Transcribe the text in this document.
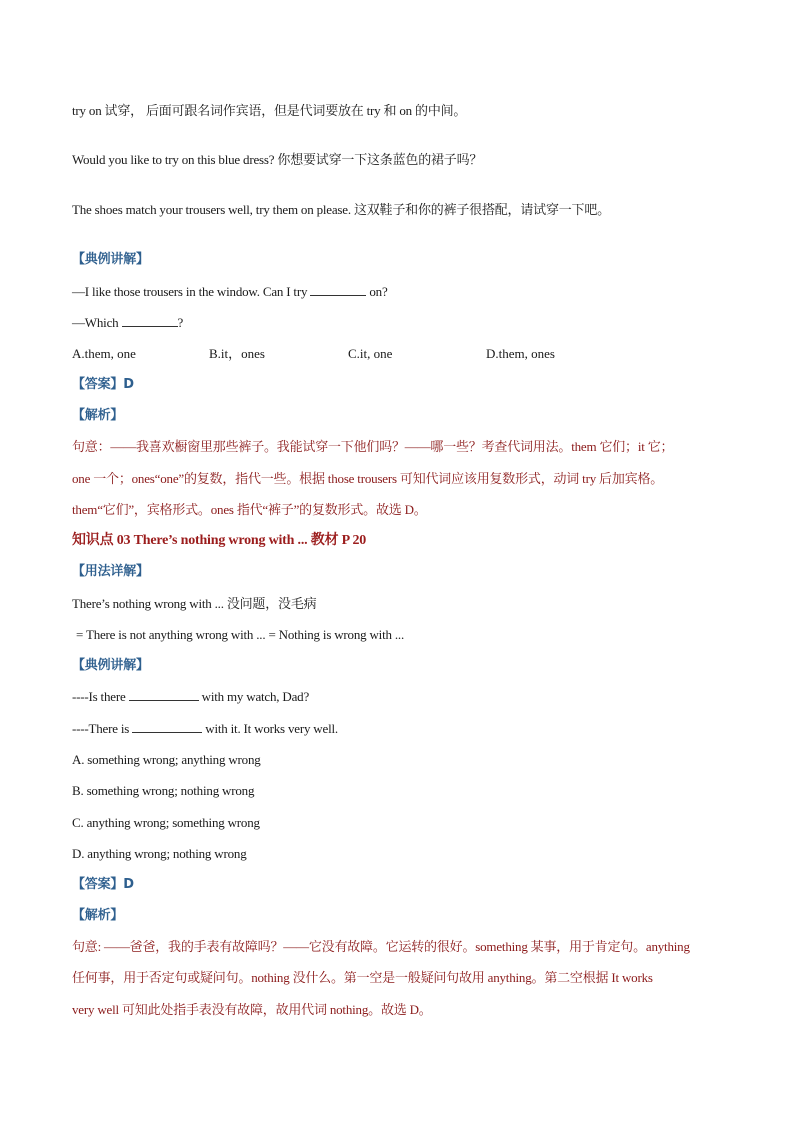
try on 试穿， 后面可跟名词作宾语，但是代词要放在 try 和 on 的中间。
Would you like to try on this blue dress? 你想要试穿一下这条蓝色的裙子吗？
The shoes match your trousers well, try them on please. 这双鞋子和你的裤子很搭配，请试穿一下吧。
【典例讲解】
—I like those trousers in the window. Can I try	on?
—Which	?
A.them, one	B.it，ones	C.it, one	D.them, ones
【答案】D
【解析】
句意：——我喜欢橱窗里那些裤子。我能试穿一下他们吗？——哪一些？考查代词用法。them 它们；it 它；
one 一个；ones“one”的复数，指代一些。根据 those trousers 可知代词应该用复数形式，动词 try 后加宾格。
them“它们”，宾格形式。ones 指代“裤子”的复数形式。故选 D。
知识点 03 There’s nothing wrong with ... 教材 P 20
【用法详解】
There’s nothing wrong with ... 没问题，没毛病
= There is not anything wrong with ... = Nothing is wrong with ...
【典例讲解】
----Is there	with my watch, Dad?
----There is	with it. It works very well.
A. something wrong; anything wrong
B. something wrong; nothing wrong
C. anything wrong; something wrong
D. anything wrong; nothing wrong
【答案】D
【解析】
句意: ——爸爸，我的手表有故障吗？——它没有故障。它运转的很好。something 某事，用于肯定句。anything
任何事，用于否定句或疑问句。nothing 没什么。第一空是一般疑问句故用 anything。第二空根据 It works
very well 可知此处指手表没有故障，故用代词 nothing。故选 D。
